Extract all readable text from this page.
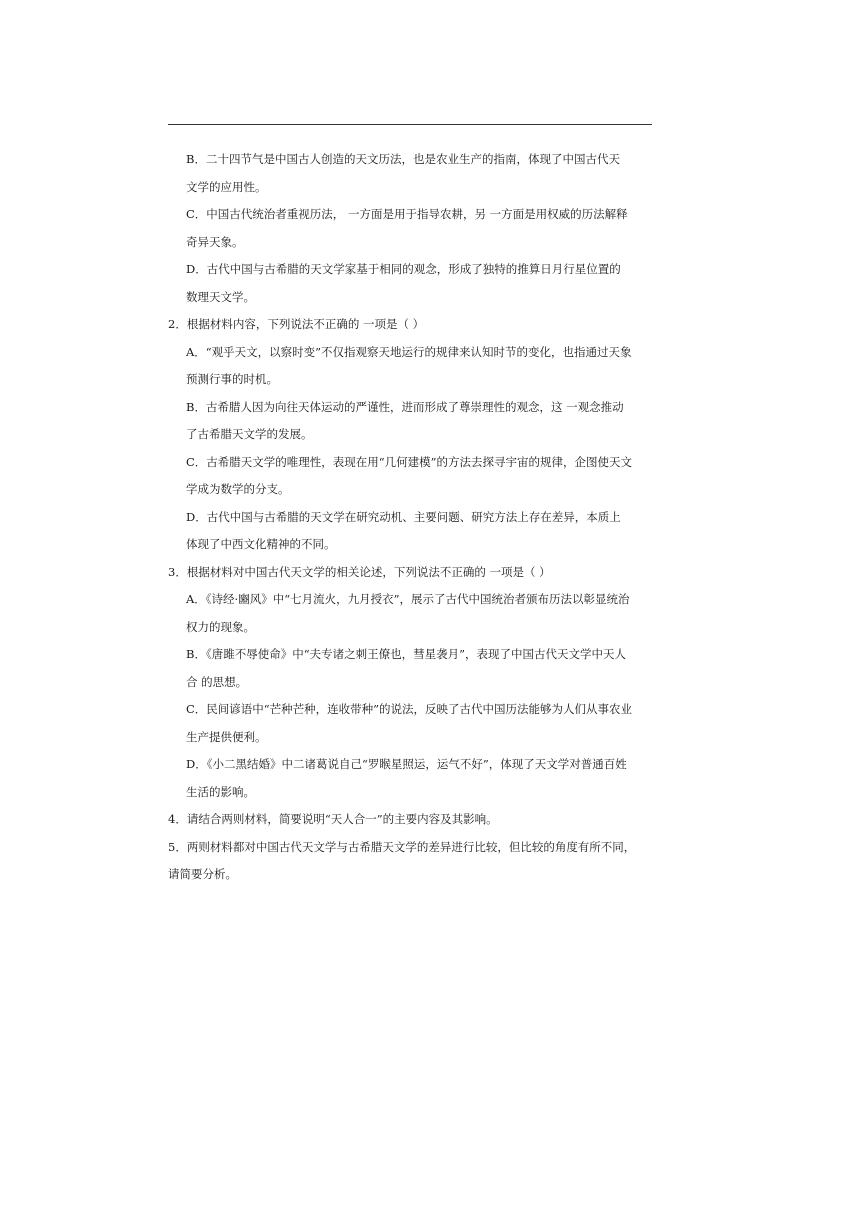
B．二十四节气是中国古人创造的天文历法，也是农业生产的指南，体现了中国古代天
文学的应用性。
C．中国古代统治者重视历法， 一方面是用于指导农耕，另 一方面是用权威的历法解释
奇异天象。
D．古代中国与古希腊的天文学家基于相同的观念，形成了独特的推算日月行星位置的
数理天文学。
2．根据材料内容，下列说法不正确的 一项是（ ）
A．“观乎天文，以察时变”不仅指观察天地运行的规律来认知时节的变化，也指通过天象
预测行事的时机。
B．古希腊人因为向往天体运动的严谨性，进而形成了尊崇理性的观念，这 一观念推动
了古希腊天文学的发展。
C．古希腊天文学的唯理性，表现在用“几何建模”的方法去探寻宇宙的规律，企图使天文
学成为数学的分支。
D．古代中国与古希腊的天文学在研究动机、主要问题、研究方法上存在差异，本质上
体现了中西文化精神的不同。
3．根据材料对中国古代天文学的相关论述，下列说法不正确的 一项是（ ）
A．《诗经·豳风》中“七月流火，九月授衣”，展示了古代中国统治者颁布历法以彰显统治
权力的现象。
B．《唐雎不辱使命》中“夫专诸之刺王僚也，彗星袭月”，表现了中国古代天文学中天人
合 的思想。
C．民间谚语中“芒种芒种，连收带种”的说法，反映了古代中国历法能够为人们从事农业
生产提供便利。
D．《小二黑结婚》中二诸葛说自己“罗睺星照运，运气不好”，体现了天文学对普通百姓
生活的影响。
4．请结合两则材料，简要说明“天人合一”的主要内容及其影响。
5．两则材料都对中国古代天文学与古希腊天文学的差异进行比较，但比较的角度有所不同，
请简要分析。
